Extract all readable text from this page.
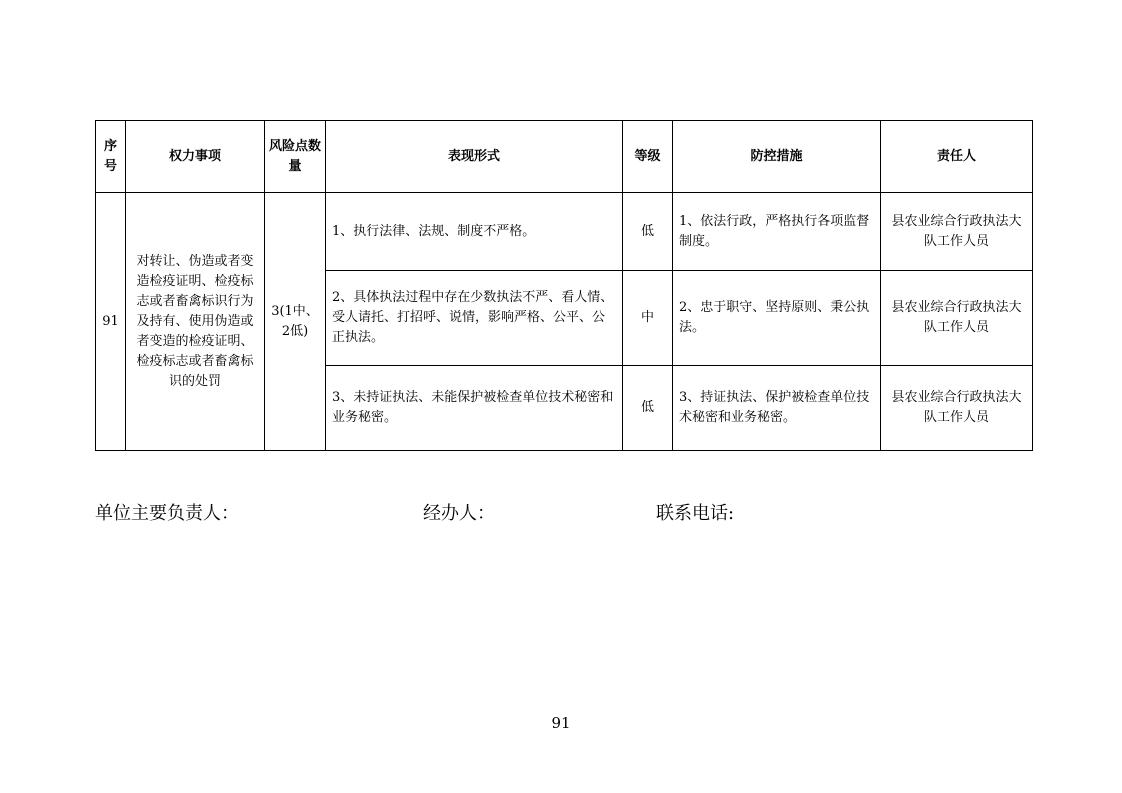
序号	权力事项	风险点数量	表现形式	等级	防控措施	责任人
91	对转让、伪造或者变造检疫证明、检疫标志或者畜禽标识行为及持有、使用伪造或者变造的检疫证明、检疫标志或者畜禽标识的处罚	3(1中、2低)	1、执行法律、法规、制度不严格。	低	1、依法行政，严格执行各项监督制度。	县农业综合行政执法大队工作人员
			2、具体执法过程中存在少数执法不严、看人情、受人请托、打招呼、说情，影响严格、公平、公正执法。	中	2、忠于职守、坚持原则、秉公执法。	县农业综合行政执法大队工作人员
			3、未持证执法、未能保护被检查单位技术秘密和业务秘密。	低	3、持证执法、保护被检查单位技术秘密和业务秘密。	县农业综合行政执法大队工作人员
单位主要负责人：	经办人：	联系电话:
91
